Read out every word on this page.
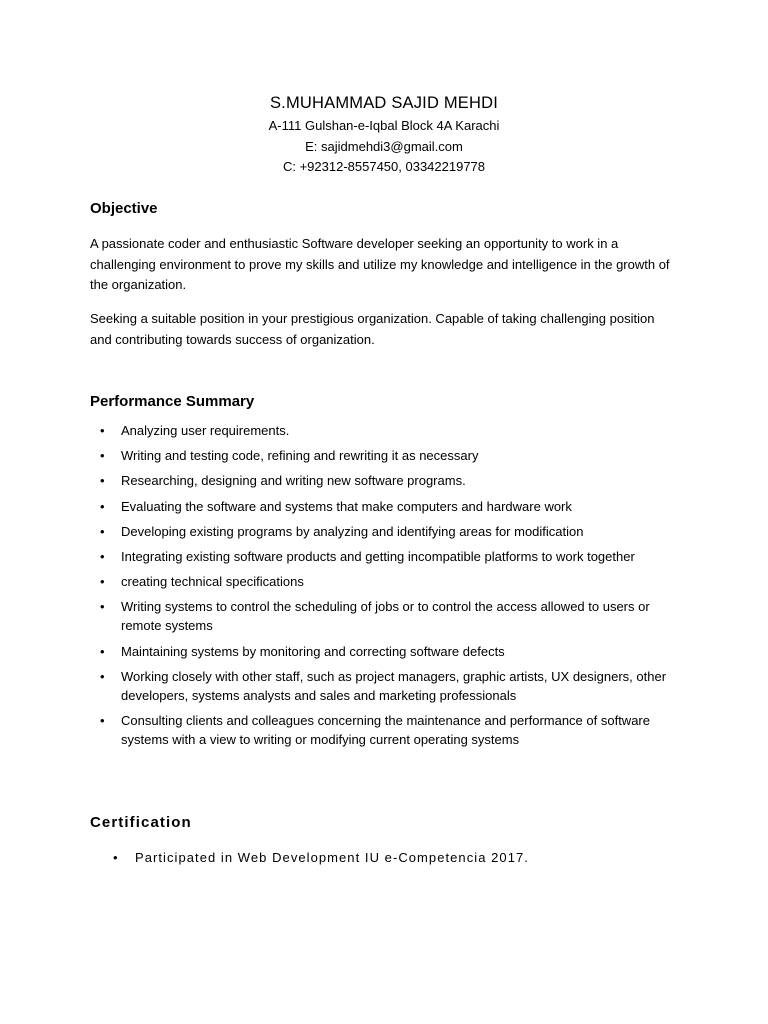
S.MUHAMMAD SAJID MEHDI
A-111 Gulshan-e-Iqbal Block 4A Karachi
E: sajidmehdi3@gmail.com
C: +92312-8557450, 03342219778
Objective

A passionate coder and enthusiastic Software developer seeking an opportunity to work in a challenging environment to prove my skills and utilize my knowledge and intelligence in the growth of the organization.

Seeking a suitable position in your prestigious organization. Capable of taking challenging position and contributing towards success of organization.

Performance Summary
• Analyzing user requirements.
• Writing and testing code, refining and rewriting it as necessary
• Researching, designing and writing new software programs.
• Evaluating the software and systems that make computers and hardware work
• Developing existing programs by analyzing and identifying areas for modification
• Integrating existing software products and getting incompatible platforms to work together
• creating technical specifications
• Writing systems to control the scheduling of jobs or to control the access allowed to users or remote systems
• Maintaining systems by monitoring and correcting software defects
• Working closely with other staff, such as project managers, graphic artists, UX designers, other developers, systems analysts and sales and marketing professionals
• Consulting clients and colleagues concerning the maintenance and performance of software systems with a view to writing or modifying current operating systems
Certification
• Participated in Web Development IU e-Competencia 2017.
